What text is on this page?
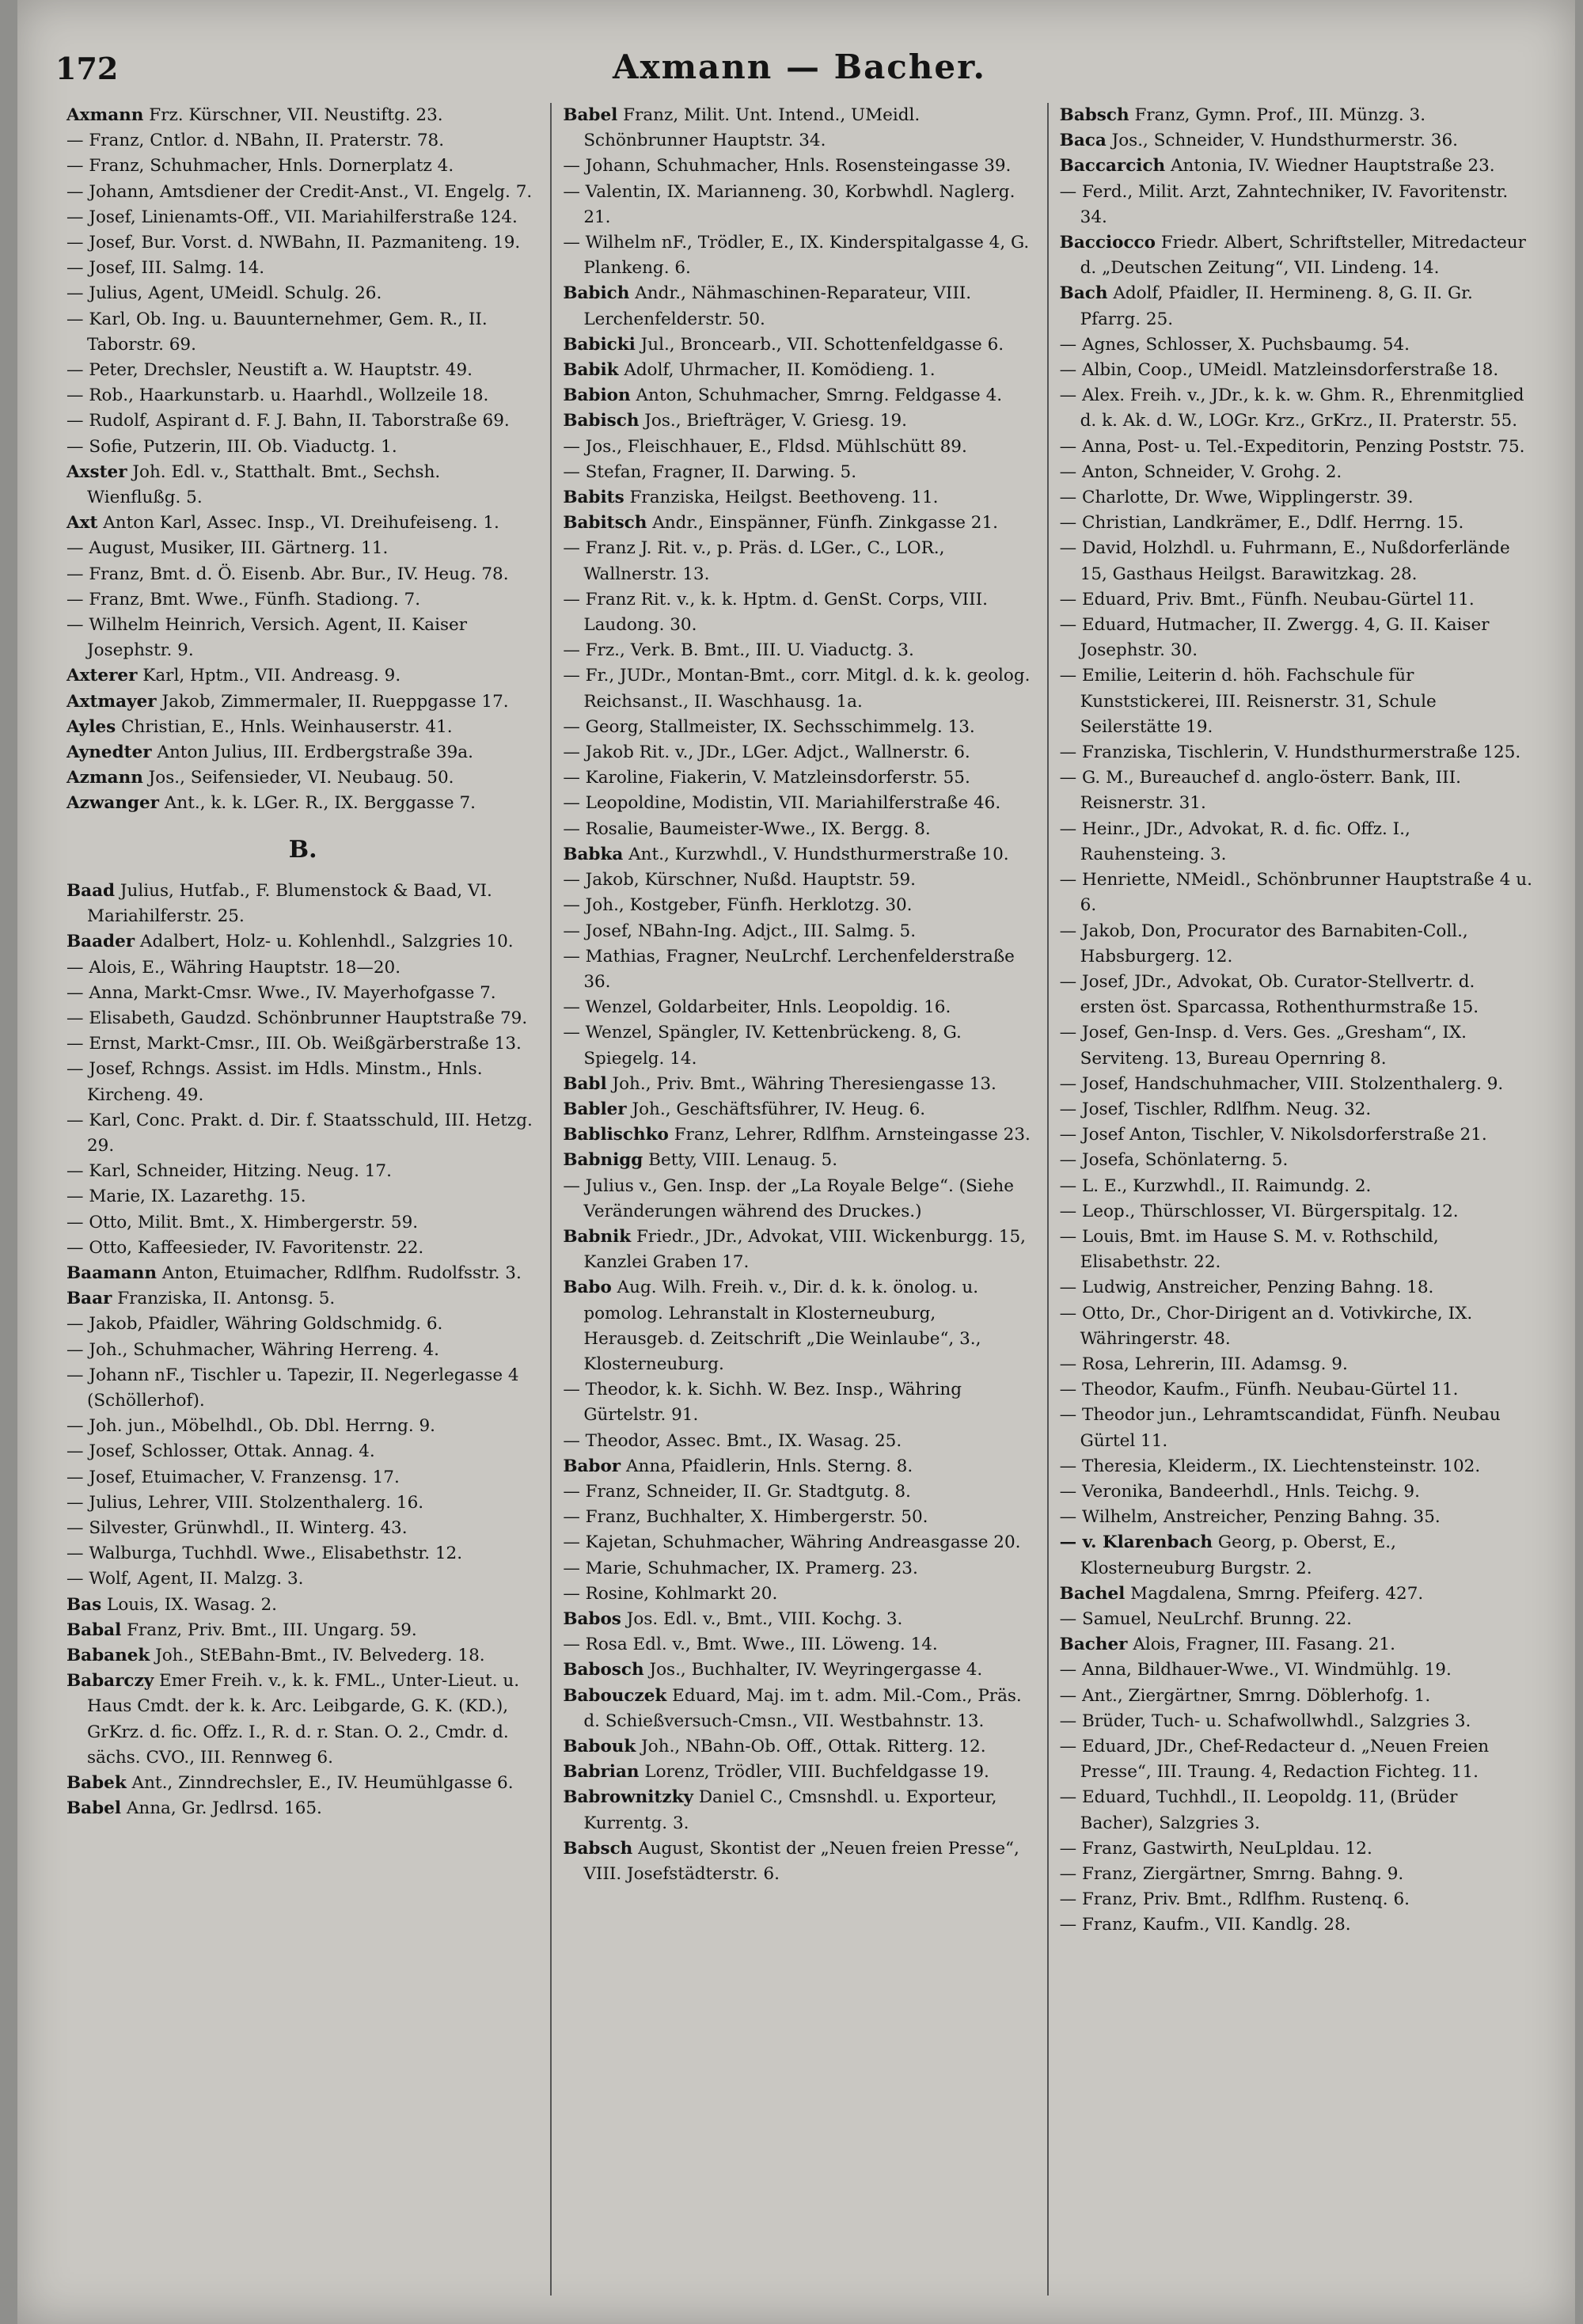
172	Axmann — Bacher.

Axmann Frz. Kürschner, VII. Neustiftg. 23.

— Franz, Cntlor. d. NBahn, II. Praterstr. 78.

— Franz, Schuhmacher, Hnls. Dornerplatz 4.

— Johann, Amtsdiener der Credit-Anst., VI. Engelg. 7.

— Josef, Linienamts-Off., VII. Mariahilferstraße 124.

— Josef, Bur. Vorst. d. NWBahn, II. Pazmaniteng. 19.

— Josef, III. Salmg. 14.

— Julius, Agent, UMeidl. Schulg. 26.

— Karl, Ob. Ing. u. Bauunternehmer, Gem. R., II. Taborstr. 69.

— Peter, Drechsler, Neustift a. W. Hauptstr. 49.

— Rob., Haarkunstarb. u. Haarhdl., Wollzeile 18.

— Rudolf, Aspirant d. F. J. Bahn, II. Taborstraße 69.

— Sofie, Putzerin, III. Ob. Viaductg. 1.

Axster Joh. Edl. v., Statthalt. Bmt., Sechsh. Wienflußg. 5.

Axt Anton Karl, Assec. Insp., VI. Dreihufeiseng. 1.

— August, Musiker, III. Gärtnerg. 11.

— Franz, Bmt. d. Ö. Eisenb. Abr. Bur., IV. Heug. 78.

— Franz, Bmt. Wwe., Fünfh. Stadiong. 7.

— Wilhelm Heinrich, Versich. Agent, II. Kaiser Josephstr. 9.

Axterer Karl, Hptm., VII. Andreasg. 9.

Axtmayer Jakob, Zimmermaler, II. Rueppgasse 17.

Ayles Christian, E., Hnls. Weinhauserstr. 41.

Aynedter Anton Julius, III. Erdbergstraße 39a.

Azmann Jos., Seifensieder, VI. Neubaug. 50.

Azwanger Ant., k. k. LGer. R., IX. Berggasse 7.

B.

Baad Julius, Hutfab., F. Blumenstock & Baad, VI. Mariahilferstr. 25.

Baader Adalbert, Holz- u. Kohlenhdl., Salzgries 10.

— Alois, E., Währing Hauptstr. 18—20.

— Anna, Markt-Cmsr. Wwe., IV. Mayerhofgasse 7.

— Elisabeth, Gaudzd. Schönbrunner Hauptstraße 79.

— Ernst, Markt-Cmsr., III. Ob. Weißgärberstraße 13.

— Josef, Rchngs. Assist. im Hdls. Minstm., Hnls. Kircheng. 49.

— Karl, Conc. Prakt. d. Dir. f. Staatsschuld, III. Hetzg. 29.

— Karl, Schneider, Hitzing. Neug. 17.

— Marie, IX. Lazarethg. 15.

— Otto, Milit. Bmt., X. Himbergerstr. 59.

— Otto, Kaffeesieder, IV. Favoritenstr. 22.

Baamann Anton, Etuimacher, Rdlfhm. Rudolfsstr. 3.

Baar Franziska, II. Antonsg. 5.

— Jakob, Pfaidler, Währing Goldschmidg. 6.

— Joh., Schuhmacher, Währing Herreng. 4.

— Johann nF., Tischler u. Tapezir, II. Negerlegasse 4 (Schöllerhof).

— Joh. jun., Möbelhdl., Ob. Dbl. Herrng. 9.

— Josef, Schlosser, Ottak. Annag. 4.

— Josef, Etuimacher, V. Franzensg. 17.

— Julius, Lehrer, VIII. Stolzenthalerg. 16.

— Silvester, Grünwhdl., II. Winterg. 43.

— Walburga, Tuchhdl. Wwe., Elisabethstr. 12.

— Wolf, Agent, II. Malzg. 3.

Bas Louis, IX. Wasag. 2.

Babal Franz, Priv. Bmt., III. Ungarg. 59.

Babanek Joh., StEBahn-Bmt., IV. Belvederg. 18.

Babarczy Emer Freih. v., k. k. FML., Unter-Lieut. u. Haus Cmdt. der k. k. Arc. Leibgarde, G. K. (KD.), GrKrz. d. fic. Offz. I., R. d. r. Stan. O. 2., Cmdr. d. sächs. CVO., III. Rennweg 6.

Babek Ant., Zinndrechsler, E., IV. Heumühlgasse 6.

Babel Anna, Gr. Jedlrsd. 165.

Babel Franz, Milit. Unt. Intend., UMeidl. Schönbrunner Hauptstr. 34.

— Johann, Schuhmacher, Hnls. Rosensteingasse 39.

— Valentin, IX. Marianneng. 30, Korbwhdl. Naglerg. 21.

— Wilhelm nF., Trödler, E., IX. Kinderspitalgasse 4, G. Plankeng. 6.

Babich Andr., Nähmaschinen-Reparateur, VIII. Lerchenfelderstr. 50.

Babicki Jul., Broncearb., VII. Schottenfeldgasse 6.

Babik Adolf, Uhrmacher, II. Komödieng. 1.

Babion Anton, Schuhmacher, Smrng. Feldgasse 4.

Babisch Jos., Briefträger, V. Griesg. 19.

— Jos., Fleischhauer, E., Fldsd. Mühlschütt 89.

— Stefan, Fragner, II. Darwing. 5.

Babits Franziska, Heilgst. Beethoveng. 11.

Babitsch Andr., Einspänner, Fünfh. Zinkgasse 21.

— Franz J. Rit. v., p. Präs. d. LGer., C., LOR., Wallnerstr. 13.

— Franz Rit. v., k. k. Hptm. d. GenSt. Corps, VIII. Laudong. 30.

— Frz., Verk. B. Bmt., III. U. Viaductg. 3.

— Fr., JUDr., Montan-Bmt., corr. Mitgl. d. k. k. geolog. Reichsanst., II. Waschhausg. 1a.

— Georg, Stallmeister, IX. Sechsschimmelg. 13.

— Jakob Rit. v., JDr., LGer. Adjct., Wallnerstr. 6.

— Karoline, Fiakerin, V. Matzleinsdorferstr. 55.

— Leopoldine, Modistin, VII. Mariahilferstraße 46.

— Rosalie, Baumeister-Wwe., IX. Bergg. 8.

Babka Ant., Kurzwhdl., V. Hundsthurmerstraße 10.

— Jakob, Kürschner, Nußd. Hauptstr. 59.

— Joh., Kostgeber, Fünfh. Herklotzg. 30.

— Josef, NBahn-Ing. Adjct., III. Salmg. 5.

— Mathias, Fragner, NeuLrchf. Lerchenfelderstraße 36.

— Wenzel, Goldarbeiter, Hnls. Leopoldig. 16.

— Wenzel, Spängler, IV. Kettenbrückeng. 8, G. Spiegelg. 14.

Babl Joh., Priv. Bmt., Währing Theresiengasse 13.

Babler Joh., Geschäftsführer, IV. Heug. 6.

Bablischko Franz, Lehrer, Rdlfhm. Arnsteingasse 23.

Babnigg Betty, VIII. Lenaug. 5.

— Julius v., Gen. Insp. der „La Royale Belge“. (Siehe Veränderungen während des Druckes.)

Babnik Friedr., JDr., Advokat, VIII. Wickenburgg. 15, Kanzlei Graben 17.

Babo Aug. Wilh. Freih. v., Dir. d. k. k. önolog. u. pomolog. Lehranstalt in Klosterneuburg, Herausgeb. d. Zeitschrift „Die Weinlaube“, 3., Klosterneuburg.

— Theodor, k. k. Sichh. W. Bez. Insp., Währing Gürtelstr. 91.

— Theodor, Assec. Bmt., IX. Wasag. 25.

Babor Anna, Pfaidlerin, Hnls. Sterng. 8.

— Franz, Schneider, II. Gr. Stadtgutg. 8.

— Franz, Buchhalter, X. Himbergerstr. 50.

— Kajetan, Schuhmacher, Währing Andreasgasse 20.

— Marie, Schuhmacher, IX. Pramerg. 23.

— Rosine, Kohlmarkt 20.

Babos Jos. Edl. v., Bmt., VIII. Kochg. 3.

— Rosa Edl. v., Bmt. Wwe., III. Löweng. 14.

Babosch Jos., Buchhalter, IV. Weyringergasse 4.

Babouczek Eduard, Maj. im t. adm. Mil.-Com., Präs. d. Schießversuch-Cmsn., VII. Westbahnstr. 13.

Babouk Joh., NBahn-Ob. Off., Ottak. Ritterg. 12.

Babrian Lorenz, Trödler, VIII. Buchfeldgasse 19.

Babrownitzky Daniel C., Cmsnshdl. u. Exporteur, Kurrentg. 3.

Babsch August, Skontist der „Neuen freien Presse“, VIII. Josefstädterstr. 6.

Babsch Franz, Gymn. Prof., III. Münzg. 3.

Baca Jos., Schneider, V. Hundsthurmerstr. 36.

Baccarcich Antonia, IV. Wiedner Hauptstraße 23.

— Ferd., Milit. Arzt, Zahntechniker, IV. Favoritenstr. 34.

Bacciocco Friedr. Albert, Schriftsteller, Mitredacteur d. „Deutschen Zeitung“, VII. Lindeng. 14.

Bach Adolf, Pfaidler, II. Hermineng. 8, G. II. Gr. Pfarrg. 25.

— Agnes, Schlosser, X. Puchsbaumg. 54.

— Albin, Coop., UMeidl. Matzleinsdorferstraße 18.

— Alex. Freih. v., JDr., k. k. w. Ghm. R., Ehrenmitglied d. k. Ak. d. W., LOGr. Krz., GrKrz., II. Praterstr. 55.

— Anna, Post- u. Tel.-Expeditorin, Penzing Poststr. 75.

— Anton, Schneider, V. Grohg. 2.

— Charlotte, Dr. Wwe, Wipplingerstr. 39.

— Christian, Landkrämer, E., Ddlf. Herrng. 15.

— David, Holzhdl. u. Fuhrmann, E., Nußdorferlände 15, Gasthaus Heilgst. Barawitzkag. 28.

— Eduard, Priv. Bmt., Fünfh. Neubau-Gürtel 11.

— Eduard, Hutmacher, II. Zwergg. 4, G. II. Kaiser Josephstr. 30.

— Emilie, Leiterin d. höh. Fachschule für Kunststickerei, III. Reisnerstr. 31, Schule Seilerstätte 19.

— Franziska, Tischlerin, V. Hundsthurmerstraße 125.

— G. M., Bureauchef d. anglo-österr. Bank, III. Reisnerstr. 31.

— Heinr., JDr., Advokat, R. d. fic. Offz. I., Rauhensteing. 3.

— Henriette, NMeidl., Schönbrunner Hauptstraße 4 u. 6.

— Jakob, Don, Procurator des Barnabiten-Coll., Habsburgerg. 12.

— Josef, JDr., Advokat, Ob. Curator-Stellvertr. d. ersten öst. Sparcassa, Rothenthurmstraße 15.

— Josef, Gen-Insp. d. Vers. Ges. „Gresham“, IX. Serviteng. 13, Bureau Opernring 8.

— Josef, Handschuhmacher, VIII. Stolzenthalerg. 9.

— Josef, Tischler, Rdlfhm. Neug. 32.

— Josef Anton, Tischler, V. Nikolsdorferstraße 21.

— Josefa, Schönlaterng. 5.

— L. E., Kurzwhdl., II. Raimundg. 2.

— Leop., Thürschlosser, VI. Bürgerspitalg. 12.

— Louis, Bmt. im Hause S. M. v. Rothschild, Elisabethstr. 22.

— Ludwig, Anstreicher, Penzing Bahng. 18.

— Otto, Dr., Chor-Dirigent an d. Votivkirche, IX. Währingerstr. 48.

— Rosa, Lehrerin, III. Adamsg. 9.

— Theodor, Kaufm., Fünfh. Neubau-Gürtel 11.

— Theodor jun., Lehramtscandidat, Fünfh. Neubau Gürtel 11.

— Theresia, Kleiderm., IX. Liechtensteinstr. 102.

— Veronika, Bandeerhdl., Hnls. Teichg. 9.

— Wilhelm, Anstreicher, Penzing Bahng. 35.

— v. Klarenbach Georg, p. Oberst, E., Klosterneuburg Burgstr. 2.

Bachel Magdalena, Smrng. Pfeiferg. 427.

— Samuel, NeuLrchf. Brunng. 22.

Bacher Alois, Fragner, III. Fasang. 21.

— Anna, Bildhauer-Wwe., VI. Windmühlg. 19.

— Ant., Ziergärtner, Smrng. Döblerhofg. 1.

— Brüder, Tuch- u. Schafwollwhdl., Salzgries 3.

— Eduard, JDr., Chef-Redacteur d. „Neuen Freien Presse“, III. Traung. 4, Redaction Fichteg. 11.

— Eduard, Tuchhdl., II. Leopoldg. 11, (Brüder Bacher), Salzgries 3.

— Franz, Gastwirth, NeuLpldau. 12.

— Franz, Ziergärtner, Smrng. Bahng. 9.

— Franz, Priv. Bmt., Rdlfhm. Rustenq. 6.

— Franz, Kaufm., VII. Kandlg. 28.
